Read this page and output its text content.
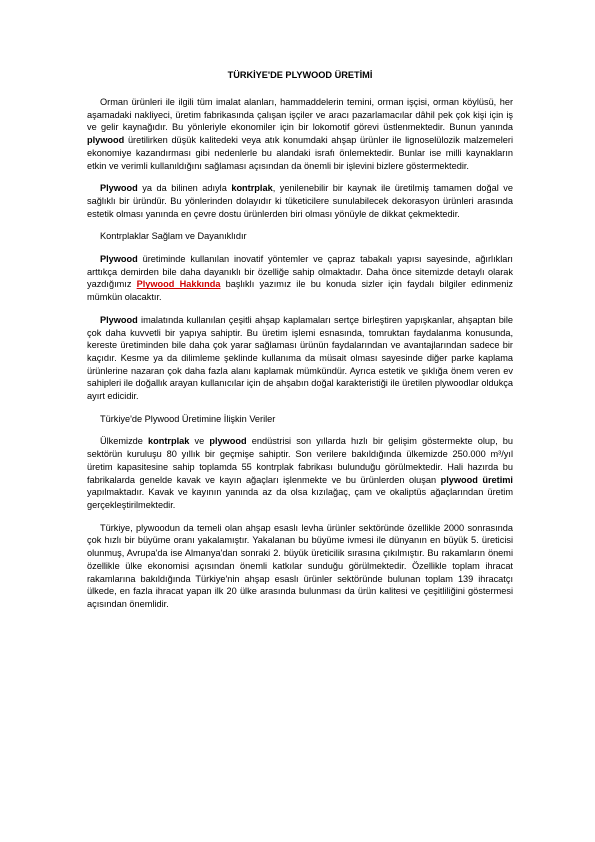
TÜRKİYE'DE PLYWOOD ÜRETİMİ

Orman ürünleri ile ilgili tüm imalat alanları, hammaddelerin temini, orman işçisi, orman köylüsü, her aşamadaki nakliyeci, üretim fabrikasında çalışan işçiler ve aracı pazarlamacılar dâhil pek çok kişi için iş ve gelir kaynağıdır. Bu yönleriyle ekonomiler için bir lokomotif görevi üstlenmektedir. Bunun yanında plywood üretilirken düşük kalitedeki veya atık konumdaki ahşap ürünler ile lignoselülozik malzemeleri ekonomiye kazandırması gibi nedenlerle bu alandaki israfı önlemektedir. Bunlar ise milli kaynakların etkin ve verimli kullanıldığını sağlaması açısından da önemli bir işlevini bizlere göstermektedir.

Plywood ya da bilinen adıyla kontrplak, yenilenebilir bir kaynak ile üretilmiş tamamen doğal ve sağlıklı bir üründür. Bu yönlerinden dolayıdır ki tüketicilere sunulabilecek dekorasyon ürünleri arasında estetik olması yanında en çevre dostu ürünlerden biri olması yönüyle de dikkat çekmektedir.

Kontrplaklar Sağlam ve Dayanıklıdır

Plywood üretiminde kullanılan inovatif yöntemler ve çapraz tabakalı yapısı sayesinde, ağırlıkları arttıkça demirden bile daha dayanıklı bir özelliğe sahip olmaktadır. Daha önce sitemizde detaylı olarak yazdığımız Plywood Hakkında başlıklı yazımız ile bu konuda sizler için faydalı bilgiler edinmeniz mümkün olacaktır.

Plywood imalatında kullanılan çeşitli ahşap kaplamaları sertçe birleştiren yapışkanlar, ahşaptan bile çok daha kuvvetli bir yapıya sahiptir. Bu üretim işlemi esnasında, tomruktan faydalanma konusunda, kereste üretiminden bile daha çok yarar sağlaması ürünün faydalarından ve avantajlarından sadece bir kaçıdır. Kesme ya da dilimleme şeklinde kullanıma da müsait olması sayesinde diğer parke kaplama ürünlerine nazaran çok daha fazla alanı kaplamak mümkündür. Ayrıca estetik ve şıklığa önem veren ev sahipleri ile doğallık arayan kullanıcılar için de ahşabın doğal karakteristiği ile üretilen plywoodlar oldukça ayırt edicidir.

Türkiye'de Plywood Üretimine İlişkin Veriler

Ülkemizde kontrplak ve plywood endüstrisi son yıllarda hızlı bir gelişim göstermekte olup, bu sektörün kuruluşu 80 yıllık bir geçmişe sahiptir. Son verilere bakıldığında ülkemizde 250.000 m³/yıl üretim kapasitesine sahip toplamda 55 kontrplak fabrikası bulunduğu görülmektedir. Hali hazırda bu fabrikalarda genelde kavak ve kayın ağaçları işlenmekte ve bu ürünlerden oluşan plywood üretimi yapılmaktadır. Kavak ve kayının yanında az da olsa kızılağaç, çam ve okaliptüs ağaçlarından üretim gerçekleştirilmektedir.

Türkiye, plywoodun da temeli olan ahşap esaslı levha ürünler sektöründe özellikle 2000 sonrasında çok hızlı bir büyüme oranı yakalamıştır. Yakalanan bu büyüme ivmesi ile dünyanın en büyük 5. üreticisi olunmuş, Avrupa'da ise Almanya'dan sonraki 2. büyük üreticilik sırasına çıkılmıştır. Bu rakamların önemi özellikle ülke ekonomisi açısından önemli katkılar sunduğu görülmektedir. Özellikle toplam ihracat rakamlarına bakıldığında Türkiye'nin ahşap esaslı ürünler sektöründe bulunan toplam 139 ihracatçı ülkede, en fazla ihracat yapan ilk 20 ülke arasında bulunması da ürün kalitesi ve çeşitliliğini göstermesi açısından önemlidir.
